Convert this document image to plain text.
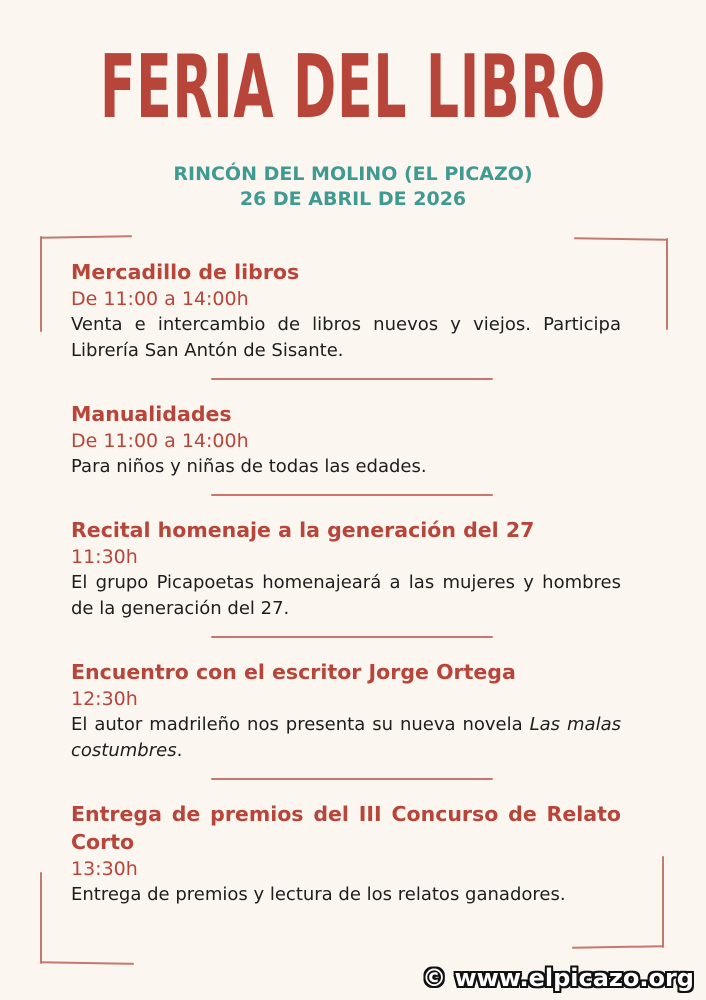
FERIA DEL LIBRO
RINCÓN DEL MOLINO (EL PICAZO)
26 DE ABRIL DE 2026
Mercadillo de libros
De 11:00 a 14:00h
Venta e intercambio de libros nuevos y viejos. Participa Librería San Antón de Sisante.
Manualidades
De 11:00 a 14:00h
Para niños y niñas de todas las edades.
Recital homenaje a la generación del 27
11:30h
El grupo Picapoetas homenajeará a las mujeres y hombres de la generación del 27.
Encuentro con el escritor Jorge Ortega
12:30h
El autor madrileño nos presenta su nueva novela Las malas costumbres.
Entrega de premios del III Concurso de Relato Corto
13:30h
Entrega de premios y lectura de los relatos ganadores.
© www.elpicazo.org
